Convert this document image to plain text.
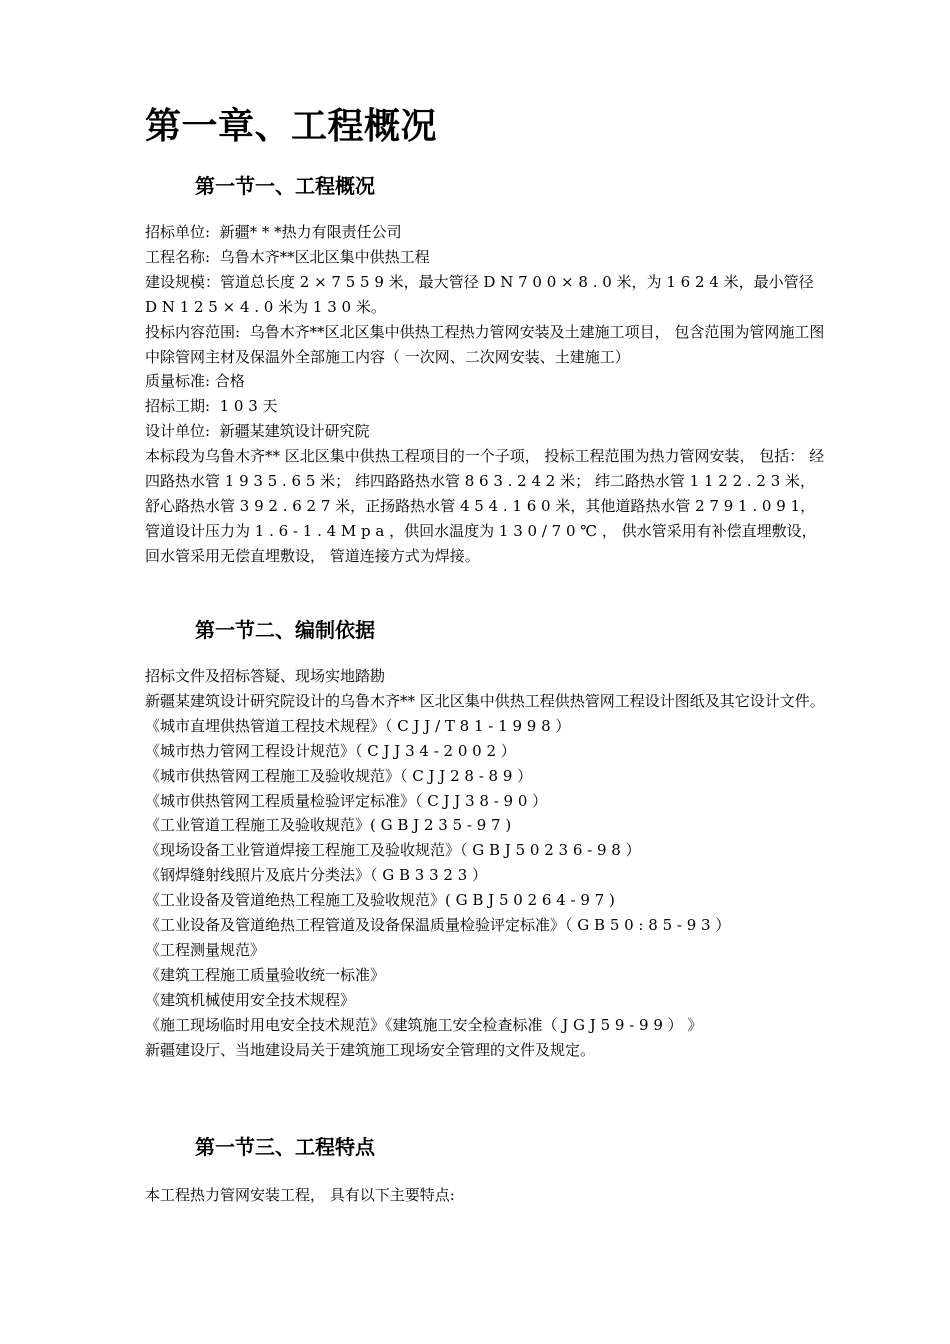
第一章、工程概况
第一节一、工程概况
招标单位:  新疆* * *热力有限责任公司
工程名称:  乌鲁木齐**区北区集中供热工程
建设规模：管道总长度 2 × 7 5 5 9 米，最大管径 D N 7 0 0 × 8 . 0 米，为 1 6 2 4 米，最小管径 D N 1 2 5 × 4 . 0 米为 1 3 0 米。
投标内容范围:  乌鲁木齐**区北区集中供热工程热力管网安装及土建施工项目， 包含范围为管网施工图中除管网主材及保温外全部施工内容（ 一次网、二次网安装、土建施工）
质量标准: 合格
招标工期:  1 0 3 天
设计单位:  新疆某建筑设计研究院
本标段为乌鲁木齐** 区北区集中供热工程项目的一个子项， 投标工程范围为热力管网安装， 包括： 经四路热水管 1 9 3 5 . 6 5 米； 纬四路路热水管 8 6 3 . 2 4 2 米； 纬二路热水管 1 1 2 2 . 2 3 米，舒心路热水管 3 9 2 . 6 2 7 米，正扬路热水管 4 5 4 . 1 6 0 米，其他道路热水管 2 7 9 1 . 0 9 1， 管道设计压力为 1 . 6 - 1 . 4 M p a ，供回水温度为 1 3 0 / 7 0 ℃ ， 供水管采用有补偿直埋敷设， 回水管采用无偿直埋敷设， 管道连接方式为焊接。
第一节二、编制依据
招标文件及招标答疑、现场实地踏勘
新疆某建筑设计研究院设计的乌鲁木齐** 区北区集中供热工程供热管网工程设计图纸及其它设计文件。
《城市直埋供热管道工程技术规程》（ C J J / T 8 1 - 1 9 9 8 ）
《城市热力管网工程设计规范》（ C J J 3 4 - 2 0 0 2 ）
《城市供热管网工程施工及验收规范》（ C J J 2 8 - 8 9 ）
《城市供热管网工程质量检验评定标准》（ C J J 3 8 - 9 0 ）
《工业管道工程施工及验收规范》( G B J 2 3 5 - 9 7 )
《现场设备工业管道焊接工程施工及验收规范》（ G B J 5 0 2 3 6 - 9 8 ）
《钢焊缝射线照片及底片分类法》（ G B 3 3 2 3 ）
《工业设备及管道绝热工程施工及验收规范》( G B J 5 0 2 6 4 - 9 7 )
《工业设备及管道绝热工程管道及设备保温质量检验评定标准》（ G B 5 0 : 8 5 - 9 3 ）
《工程测量规范》
《建筑工程施工质量验收统一标准》
《建筑机械使用安全技术规程》
《施工现场临时用电安全技术规范》《建筑施工安全检查标准（ J G J 5 9 - 9 9 ） 》
新疆建设厅、当地建设局关于建筑施工现场安全管理的文件及规定。
第一节三、工程特点
本工程热力管网安装工程， 具有以下主要特点:
